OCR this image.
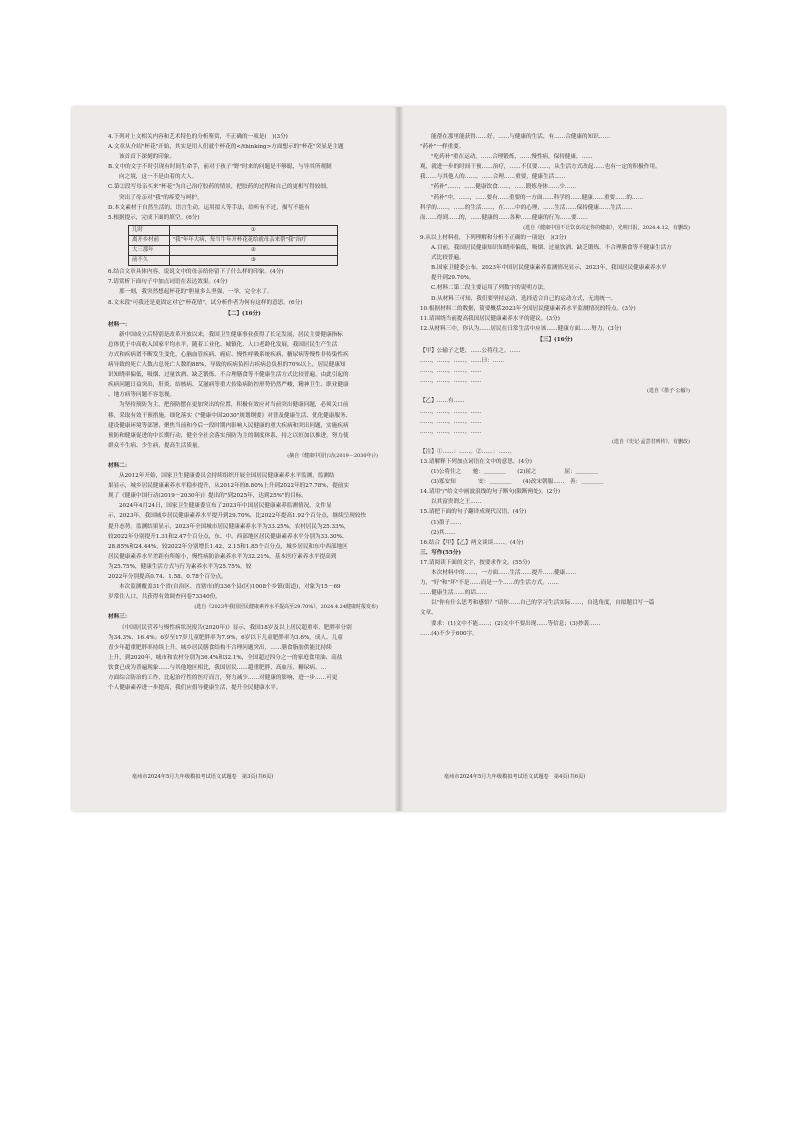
4.下列对上文相关内容和艺术特色的分析鉴赏，不正确的一项是(　)(3分)

A.文章从介绍"杯花"开始，其实是用人们就个杯花的</thinking>方面想示的"杯花"突显是主题

该首首下深刻的印象。

B.文中的文字不时引现有时间生命手，前对于孩子"野"时来的问题是不够聪，与导其所观制

向之境，这一不是由着的大人。

C.第②段写母亲买来"杯花"为自己治疗胶药的情景，把胶药的过程和自己的更相写得较细，

突出了母亲对"我"的疼爱与呵护。

D.本文素材于自然生活的，语言生动，运用拟人等手法，给听有不过，描写不能有

5.根据提示，完成下面的填空。(6分)

几时	①
离开乡村前	"我"年年大病，每当牛年开杯花花给就母亲来帮"我"治疗
大三那年	②
前不久	③

6.结合文章具体内容，说说文中的母亲给你留下了什么样的印象。(4分)

7.请赏析下面句子中加点词语在表达效果。(4分)

那一刻，我突然想起杯花的"胆量多么坚强，一举，完全水了。

8.文末段"可我还是更固定对它"杯花情"，试分析作者为何有这样的意思。(6分)

【二】(16分)

材料一：

新中国成立后特别是改革开放以来，我国卫生健康事业获得了长足发展，居民主要健康指标

总体优于中高收入国家平均水平，随着工业化、城镇化、人口老龄化发展，我国居民生产生活

方式和疾病谱不断发生变化，心脑血管疾病、癌症、慢性呼吸系统疾病、糖尿病等慢性非传染性疾

病导致的死亡人数占总死亡人数的88%，导致的疾病负担占疾病总负担的70%以上，居民健康知

识知晓率偏低，吸烟、过量饮酒、缺乏锻炼、不合理膳食等不健康生活方式比较普遍，由此引起的

疾病问题日益突出，肝炎、结核病、艾滋病等重大传染病防控形势仍然严峻，精神卫生、职业健康

、地方病等问题不容忽视。

为坚持预防为主，把预防摆在更加突出的位置，积极有效应对当前突出健康问题，必须关口前

移，采取有效干预措施，细化落实《"健康中国2030"规划纲要》对普及健康生活、优化健康服务、

建设健康环境等部署，聚焦当前和今后一段时期内影响人民健康的重大疾病和突出问题，实施疾病

预防和健康促进的中长期行动，健全全社会落实预防为主的制度体系，持之以恒加以推进，努力使

群众不生病、少生病，提高生活质量。

(摘自《健康中国行动(2019－2030年)》)

材料二：

从2012年开始，国家卫生健康委员会持续组织开展全国居民健康素养水平监测，监测结

果显示，城乡居民健康素养水平稳步提升，从2012年的8.80%上升到2022年的27.78%，提前实

现了《健康中国行动(2019－2030年)》提出的"到2025年，达到25%"的目标。

2024年4月24日，国家卫生健康委宣布了2023年中国居民健康素养监测情况，文件显

示，2023年，我国城乡居民健康素养水平提升到29.70%，比2022年提高1.92个百分点，继续呈现较快

提升态势。监测结果显示，2023年全国城市居民健康素养水平为33.25%，农村居民为25.33%，

较2022年分别提升1.31和2.47个百分点，东、中、西部地区居民健康素养水平分别为33.30%、

28.85%和24.44%，较2022年分别增长1.42、2.15和1.85个百分点，城乡居民和东中西部地区

居民健康素养水平差距有所缩小，慢性病防治素养水平为32.21%，基本医疗素养水平提高到

为25.75%，健康生活方式与行为素养水平为25.75%，较

2022年分别提高0.74、1.58、0.78个百分点。

本次监测覆盖31个省(自治区、直辖市)的336个县(区)1008个乡镇(街道)，对象为15－69

岁常住人口，共获得有效调查问卷73340份。

(选自《2023年我国居民健康素养水平提高至29.70%》，2024.4.24健康时报发布)

材料三：

《中国居民营养与慢性病状况报告(2020年)》显示，我国18岁及以上居民超重率、肥胖率分别

为34.3%、16.4%；6岁至17岁儿童肥胖率为7.9%，6岁以下儿童肥胖率为3.6%，成人、儿童

青少年超重肥胖率持续上升，城乡居民膳食结构不合理问题突出，……膳食脂肪供能比持续

上升，到2020年，城市和农村分别为36.4%和32.1%，全国超过四分之一的家庭食用油、高盐

饮食已成为普遍现象……与其他地区相比，我国居民……超重肥胖、高血压、糖尿病、…

方面综合防治的工作，比起治疗性的医疗而言，努力减少……对健康的影响，进一步……可更

个人健康素养进一步提高，我们应倡导健康生活，提升全民健康水平。

亳州市2024年5月九年级模拟考试语文试题卷　第3页(共6页)

能帮在那里能获得……好，……与健康的生活，有……合健康的知识……

"药补"一样重要。

"吃药补"重在运动，……合理锻炼，……慢性病，保持健康，……

观，就进一步的时间干预……治疗，……不仅要……，从生活方式改起……也有一定的积极作用。

我……与其他人的……，……合理……重要，健康生活……

"药补"……，……健康饮食……，……锻炼身体……少……

"药补"中，……，……要有……重要的一方面……科学的……健康……重要……的……

科学的……，……的生活……，在……中的心理，……生活……保持健康……生活……

而……得到……的，……健康的……各种……健康的行为……要……

(选自《健康中国不让饮食决定你的健康》，光明日报，2024.4.12，有删改)

9.从以上材料看，下列理解和分析不正确的一项是(　)(3分)

A.目前，我国居民健康知识知晓率偏低，吸烟、过量饮酒、缺乏锻炼、不合理膳食等不健康生活方

式比较普遍。

B.国家卫健委公布，2023年中国居民健康素养监测情况显示，2023年，我国居民健康素养水平

提升到29.70%。

C.材料二第二段主要运用了列数字的说明方法。

D.从材料三可知，我们要坚持运动，选择适合自己的运动方式，无需统一。

10.根据材料二的数据，简要概括2023年全国居民健康素养水平监测情况的特点。(3分)

11.请围绕当前提高我国居民健康素养水平的建议。(3分)

12.从材料三中，你认为……居民在日常生活中应该……健康方面……努力。(3分)

【三】(16分)

【甲】公输子之楚，……公将往之。……

……，……，……。……曰：……

……，……，……。……

……，……，……。……

(选自《墨子·公输》)

【乙】……有……

……，……，……。……

……，……，……。……

……，……，……。……

(选自《史记·孟尝君列传》，有删改)

【注】①……：……。②……：……。

13.请解释下列加点词语在文中的意思。(4分)

(1)公将往之　　驰：＿＿＿＿　　 (2)屈之　　　　　屈：＿＿＿＿

(3)寡安知　　　　安：＿＿＿＿　　 (4)改宋朝服……　善：＿＿＿＿

14.请用"/"给文中画波浪线的句子断句(限断两处)。(2分)

以其富贵谓之王……

15.请把下面的句子翻译成现代汉语。(4分)

(1)墨子……

(2)其……

16.结合【甲】【乙】两文谈谈……。(4分)

三、写作(55分)

17.请阅读下面的文字，按要求作文。(55分)

本次材料中的……，一方面……生活……提升……健康……

力，"好"和"坏"不是……而是一个……的生活方式，……

……健康生活……的话……

以"你有什么思考和感悟？"请你……自己的学习生活实际……，自选角度，自拟题目写一篇

文章。

要求：(1)文中不能……；(2)文中不要出现……等信息；(3)抄袭……

……(4)不少于600字。

亳州市2024年5月九年级模拟考试语文试题卷　第4页(共6页)
